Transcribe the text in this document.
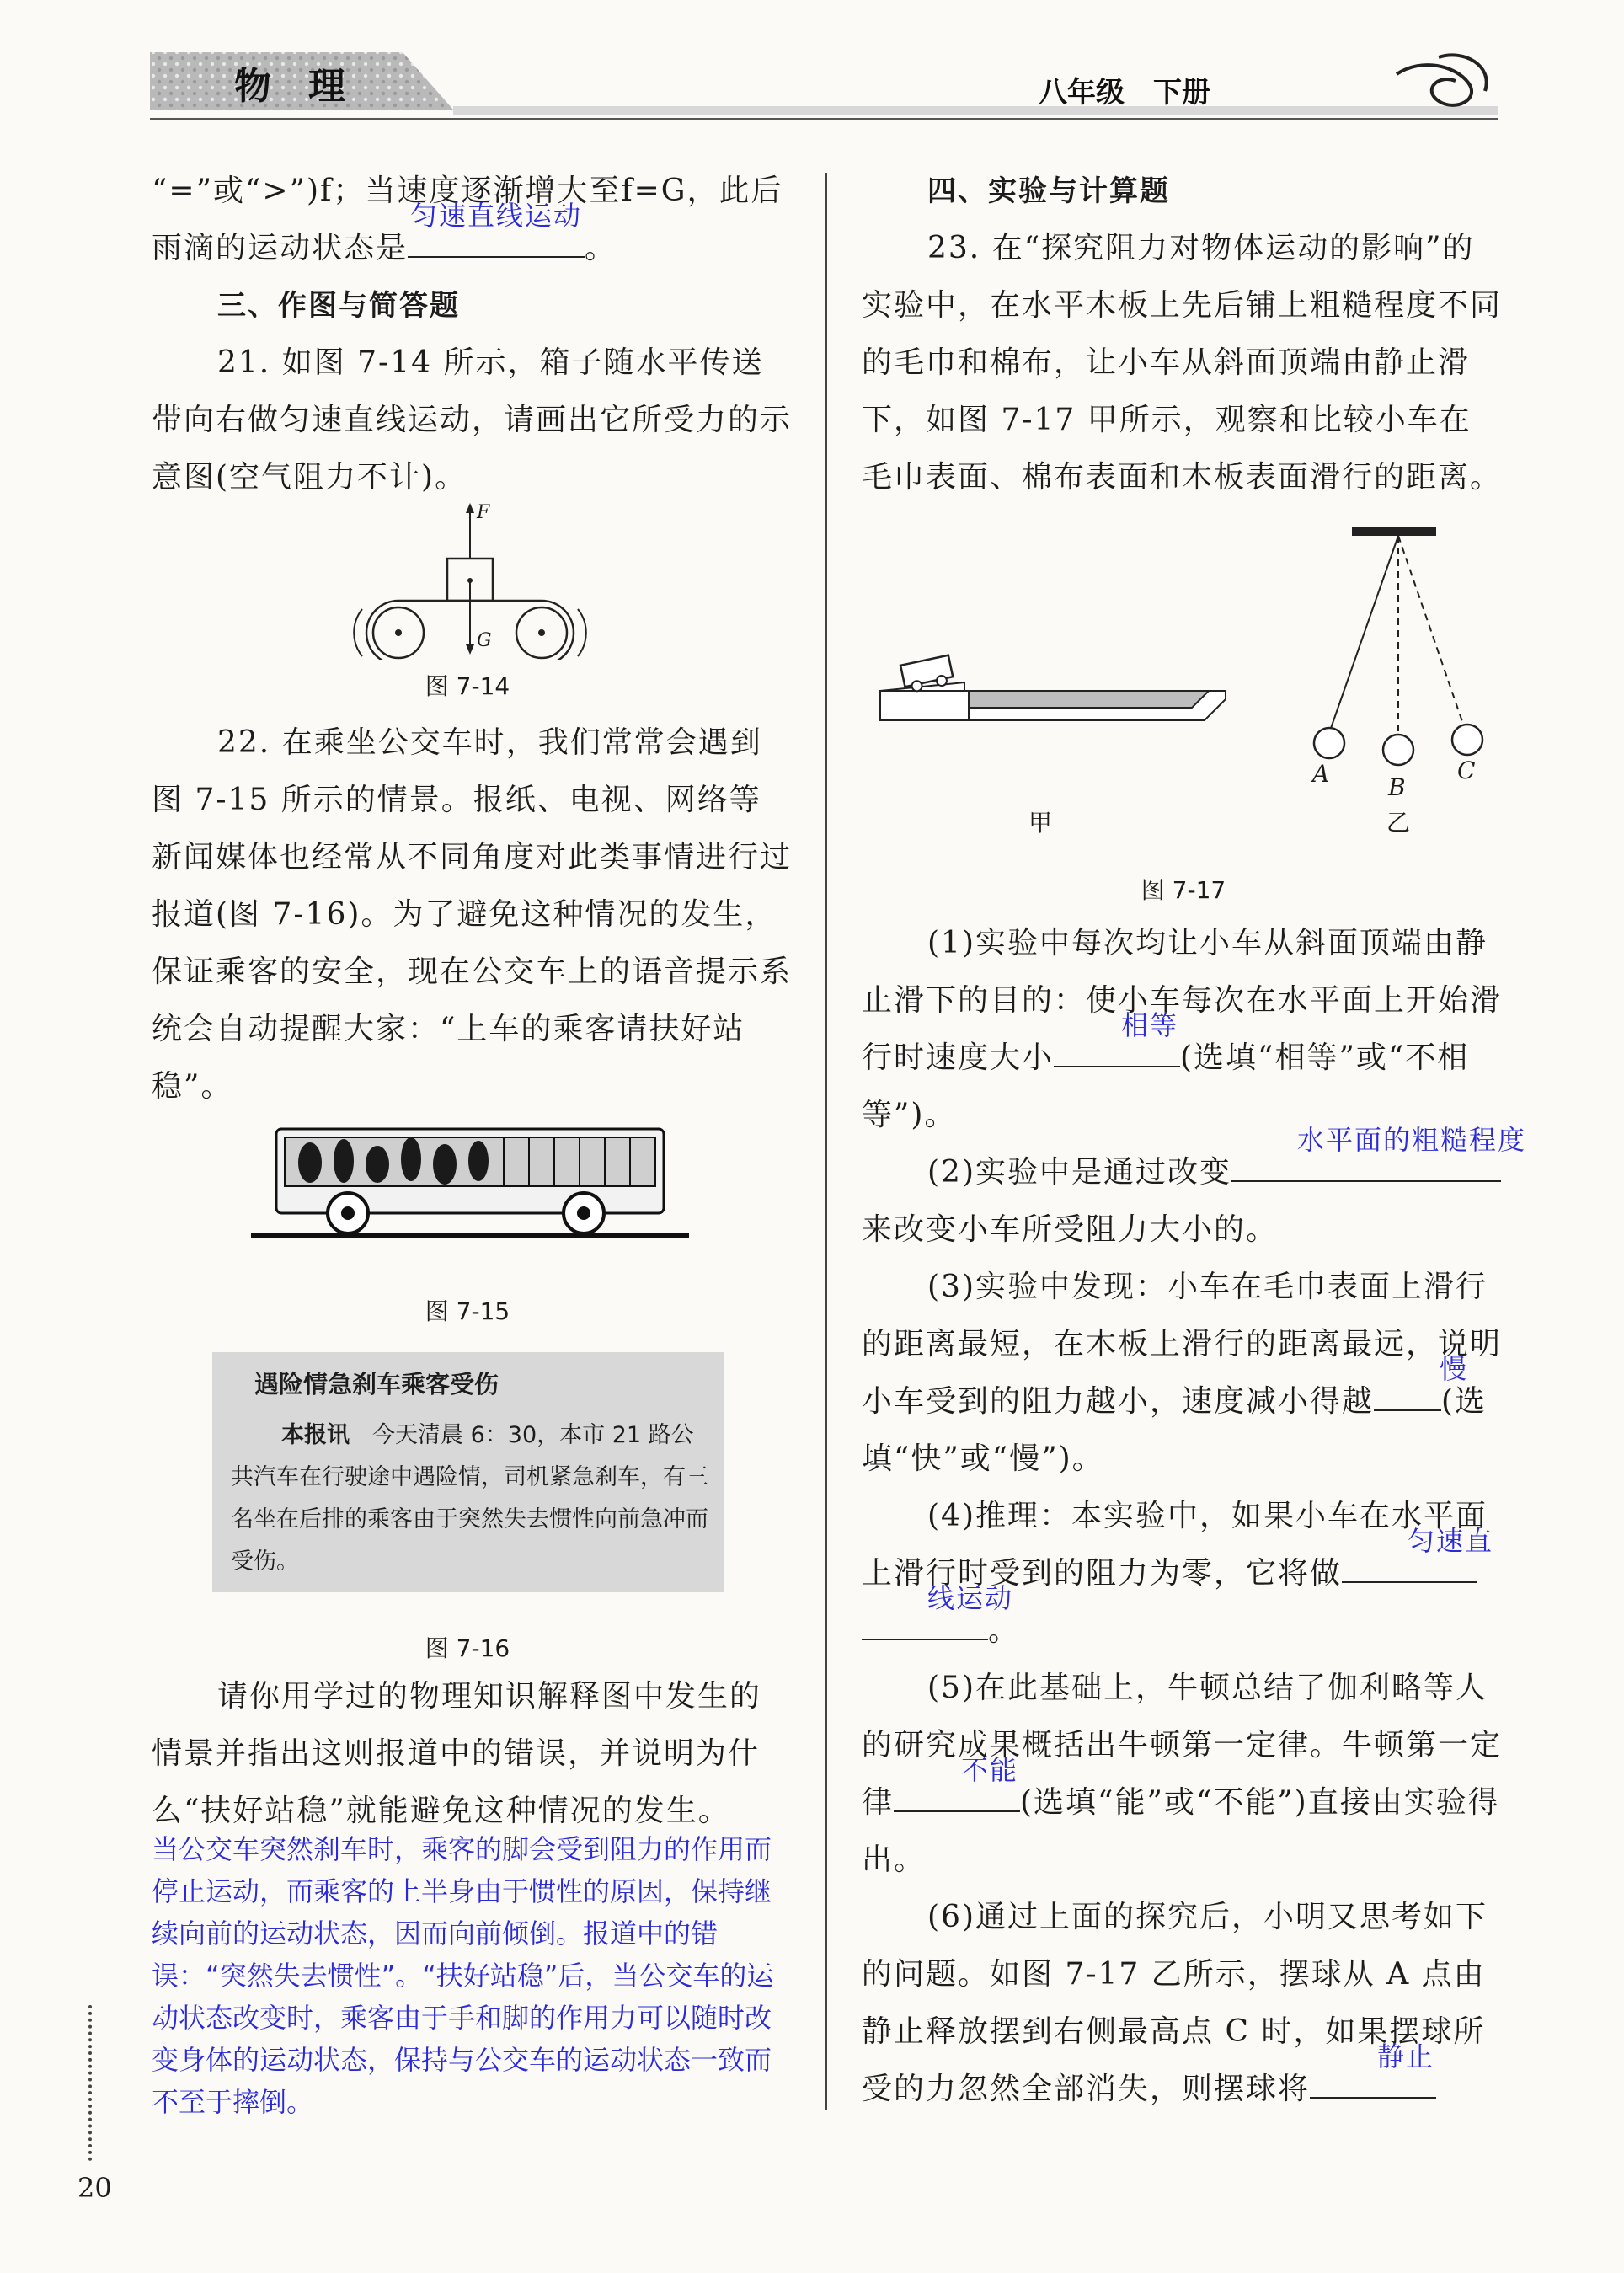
物　理	八年级　下册

“=”或“>”)f；当速度逐渐增大至f=G，此后

雨滴的运动状态是
匀速直线运动
。

三、作图与简答题

21. 如图 7-14 所示，箱子随水平传送带向右做匀速直线运动，请画出它所受力的示意图(空气阻力不计)。

F
G
图 7-14

22. 在乘坐公交车时，我们常常会遇到图 7-15 所示的情景。报纸、电视、网络等新闻媒体也经常从不同角度对此类事情进行过报道(图 7-16)。为了避免这种情况的发生，保证乘客的安全，现在公交车上的语音提示系统会自动提醒大家：“上车的乘客请扶好站稳”。

图 7-15
遇险情急刹车乘客受伤
本报讯　 今天清晨 6：30，本市 21 路公共汽车在行驶途中遇险情，司机紧急刹车，有三名坐在后排的乘客由于突然失去惯性向前急冲而受伤。
图 7-16

请你用学过的物理知识解释图中发生的情景并指出这则报道中的错误，并说明为什么“扶好站稳”就能避免这种情况的发生。

当公交车突然刹车时，乘客的脚会受到阻力的作用而停止运动，而乘客的上半身由于惯性的原因，保持继续向前的运动状态，因而向前倾倒。报道中的错误：“突然失去惯性”。“扶好站稳”后，当公交车的运动状态改变时，乘客由于手和脚的作用力可以随时改变身体的运动状态，保持与公交车的运动状态一致而不至于摔倒。

20

四、实验与计算题

23. 在“探究阻力对物体运动的影响”的实验中，在水平木板上先后铺上粗糙程度不同的毛巾和棉布，让小车从斜面顶端由静止滑下，如图 7-17 甲所示，观察和比较小车在毛巾表面、棉布表面和木板表面滑行的距离。

甲
A B
C
乙
图 7-17

(1)实验中每次均让小车从斜面顶端由静止滑下的目的：使小车每次在水平面上开始滑行时速度大小
相等
(选填“相等”或“不相等”)。

(2)实验中是通过改变
水平面的粗糙程度
来改变小车所受阻力大小的。

(3)实验中发现：小车在毛巾表面上滑行的距离最短，在木板上滑行的距离最远，说明小车受到的阻力越小，速度减小得越
慢
(选填“快”或“慢”)。

(4)推理：本实验中，如果小车在水平面上滑行时受到的阻力为零，它将做
匀速直
线运动
。

(5)在此基础上，牛顿总结了伽利略等人的研究成果概括出牛顿第一定律。牛顿第一定律
不能
(选填“能”或“不能”)直接由实验得出。

(6)通过上面的探究后，小明又思考如下的问题。如图 7-17 乙所示，摆球从 A 点由静止释放摆到右侧最高点 C 时，如果摆球所受的力忽然全部消失，则摆球将
静止
